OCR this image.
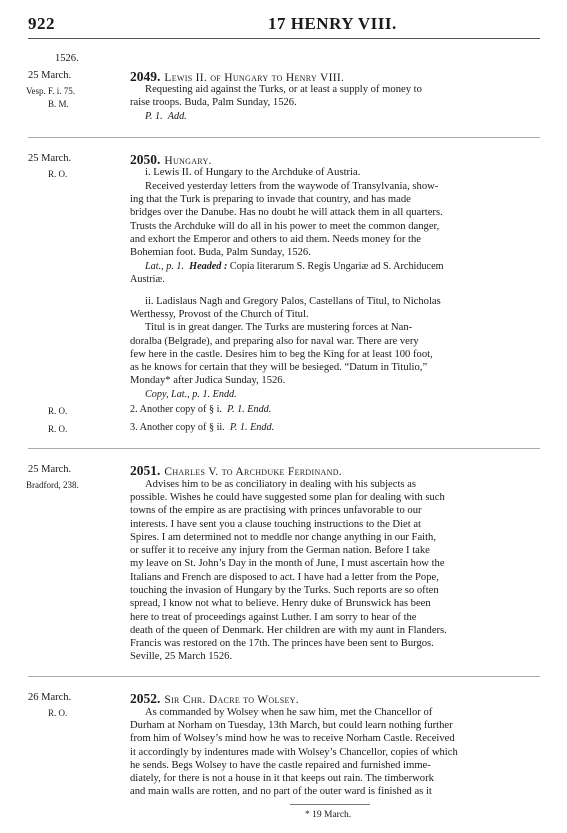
922	17 HENRY VIII.
1526.
25 March.
Vesp. F. i. 75.
B. M.
2049. Lewis II. of Hungary to Henry VIII.
Requesting aid against the Turks, or at least a supply of money to
raise troops. Buda, Palm Sunday, 1526.
P. 1. Add.
25 March.
R. O.
2050. Hungary.
i. Lewis II. of Hungary to the Archduke of Austria.
Received yesterday letters from the waywode of Transylvania, show-
ing that the Turk is preparing to invade that country, and has made
bridges over the Danube. Has no doubt he will attack them in all quarters.
Trusts the Archduke will do all in his power to meet the common danger,
and exhort the Emperor and others to aid them. Needs money for the
Bohemian foot. Buda, Palm Sunday, 1526.
Lat., p. 1. Headed : Copia literarum S. Regis Ungariæ ad S. Archiducem
Austriæ.
ii. Ladislaus Nagh and Gregory Palos, Castellans of Titul, to Nicholas
Werthessy, Provost of the Church of Titul.
Titul is in great danger. The Turks are mustering forces at Nan-
doralba (Belgrade), and preparing also for naval war. There are very
few here in the castle. Desires him to beg the King for at least 100 foot,
as he knows for certain that they will be besieged. “Datum in Titulio,”
Monday* after Judica Sunday, 1526.
Copy, Lat., p. 1. Endd.
R. O.	2. Another copy of § i. P. 1. Endd.
R. O.	3. Another copy of § ii. P. 1. Endd.
25 March.
Bradford, 238.
2051. Charles V. to Archduke Ferdinand.
Advises him to be as conciliatory in dealing with his subjects as
possible. Wishes he could have suggested some plan for dealing with such
towns of the empire as are practising with princes unfavorable to our
interests. I have sent you a clause touching instructions to the Diet at
Spires. I am determined not to meddle nor change anything in our Faith,
or suffer it to receive any injury from the German nation. Before I take
my leave on St. John’s Day in the month of June, I must ascertain how the
Italians and French are disposed to act. I have had a letter from the Pope,
touching the invasion of Hungary by the Turks. Such reports are so often
spread, I know not what to believe. Henry duke of Brunswick has been
here to treat of proceedings against Luther. I am sorry to hear of the
death of the queen of Denmark. Her children are with my aunt in Flanders.
Francis was restored on the 17th. The princes have been sent to Burgos.
Seville, 25 March 1526.
26 March.
R. O.
2052. Sir Chr. Dacre to Wolsey.
As commanded by Wolsey when he saw him, met the Chancellor of
Durham at Norham on Tuesday, 13th March, but could learn nothing further
from him of Wolsey’s mind how he was to receive Norham Castle. Received
it accordingly by indentures made with Wolsey’s Chancellor, copies of which
he sends. Begs Wolsey to have the castle repaired and furnished imme-
diately, for there is not a house in it that keeps out rain. The timberwork
and main walls are rotten, and no part of the outer ward is finished as it
* 19 March.
